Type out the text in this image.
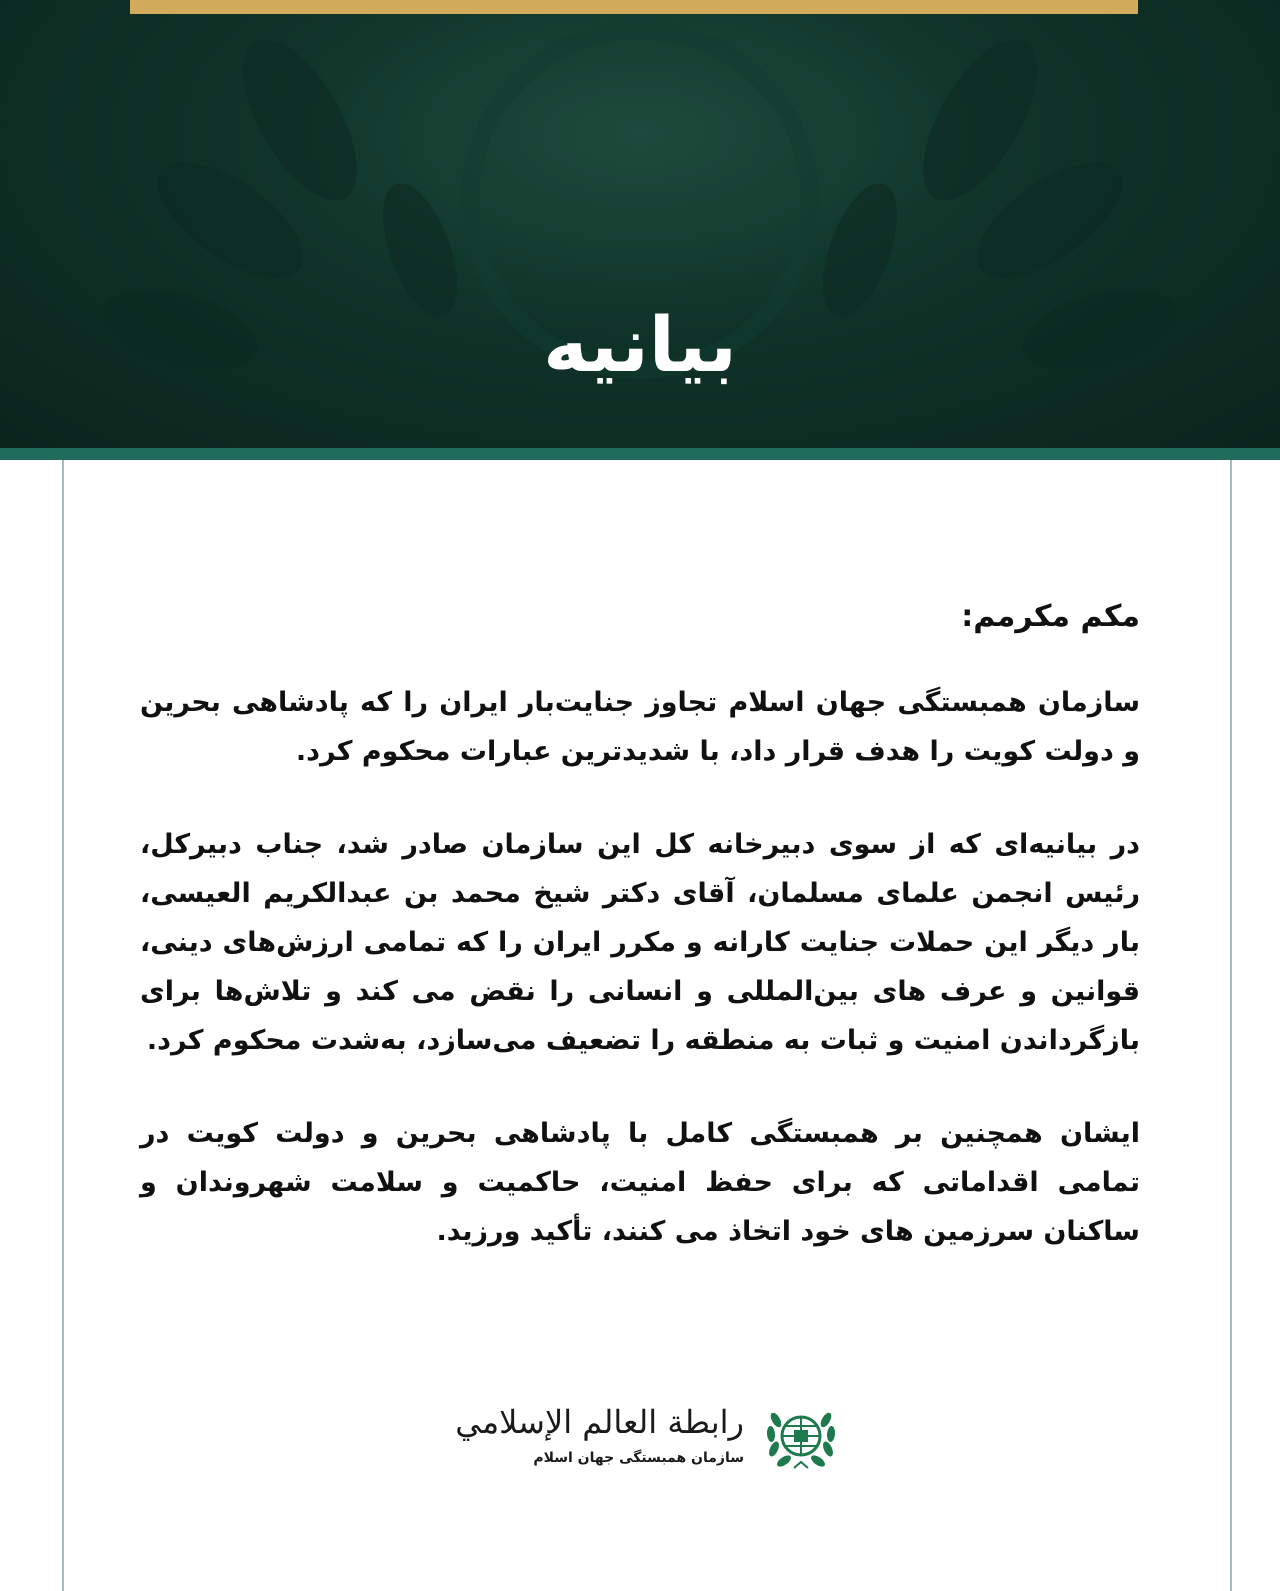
بیانیه

مکم مکرمم:

سازمان همبستگی جهان اسلام تجاوز جنایت‌بار ایران را که پادشاهی بحرین و دولت کویت را هدف قرار داد، با شدیدترین عبارات محکوم کرد.

در بیانیه‌ای که از سوی دبیرخانه کل این سازمان صادر شد، جناب دبیرکل، رئیس انجمن علمای مسلمان، آقای دکتر شیخ محمد بن عبدالکریم العیسی، بار دیگر این حملات جنایت کارانه و مکرر ایران را که تمامی ارزش‌های دینی، قوانین و عرف های بین‌المللی و انسانی را نقض می کند و تلاش‌ها برای بازگرداندن امنیت و ثبات به منطقه را تضعیف می‌سازد، به‌شدت محکوم کرد.

ایشان همچنین بر همبستگی کامل با پادشاهی بحرین و دولت کویت در تمامی اقداماتی که برای حفظ امنیت، حاکمیت و سلامت شهروندان و ساکنان سرزمین های خود اتخاذ می کنند، تأکید ورزید.

رابطة العالم الإسلامي
سازمان همبستگی جهان اسلام
